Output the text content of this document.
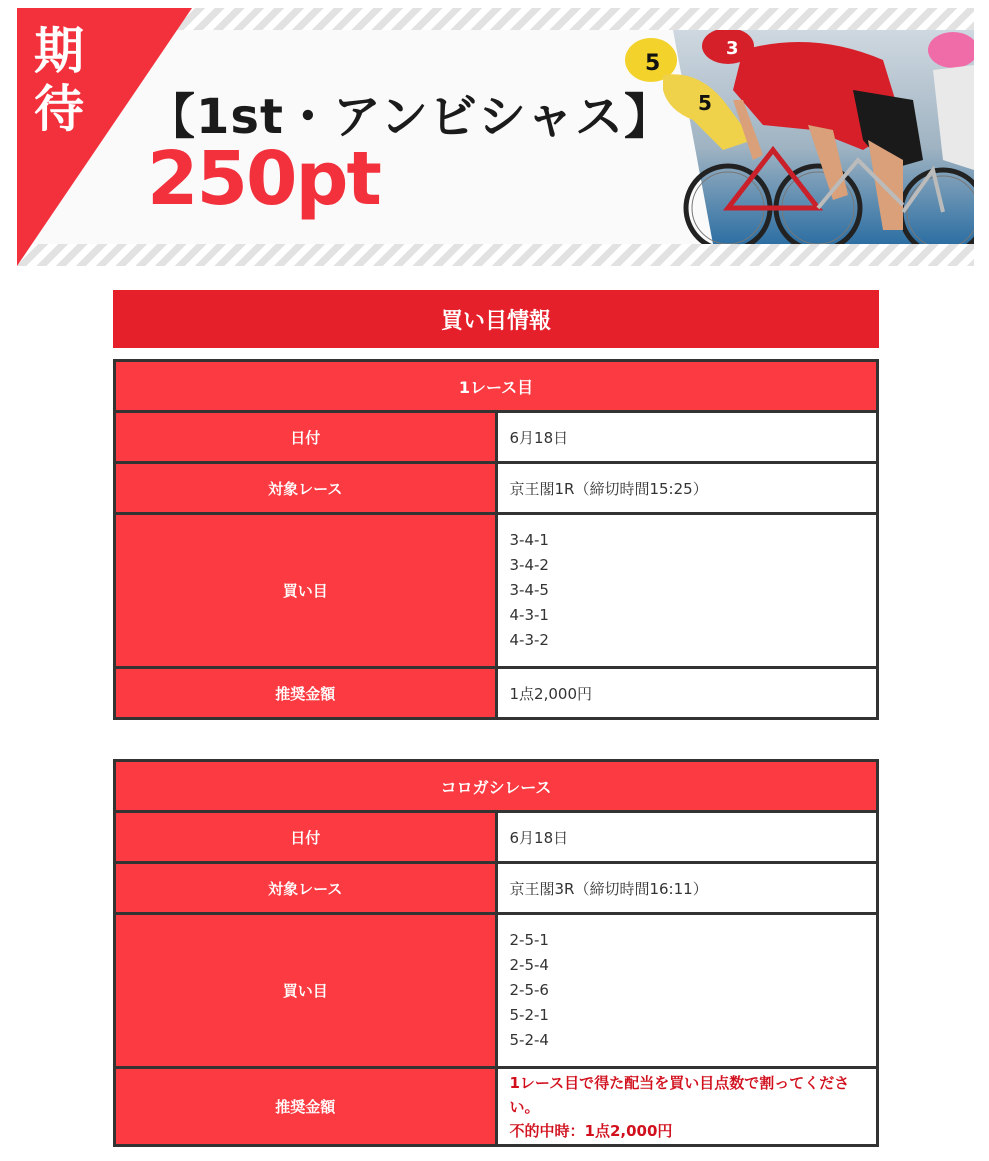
期
待 【1st・アンビシャス】
250pt
5
5
3
買い目情報
1レース目	
日付	6月18日
対象レース	京王閣1R（締切時間15:25）
買い目	3-4-1
3-4-2
3-4-5
4-3-1
4-3-2

推奨金額	1点2,000円
コロガシレース	
日付	6月18日
対象レース	京王閣3R（締切時間16:11）
買い目	2-5-1
2-5-4
2-5-6
5-2-1
5-2-4

推奨金額	1レース目で得た配当を買い目点数で割ってください。
不的中時：1点2,000円
